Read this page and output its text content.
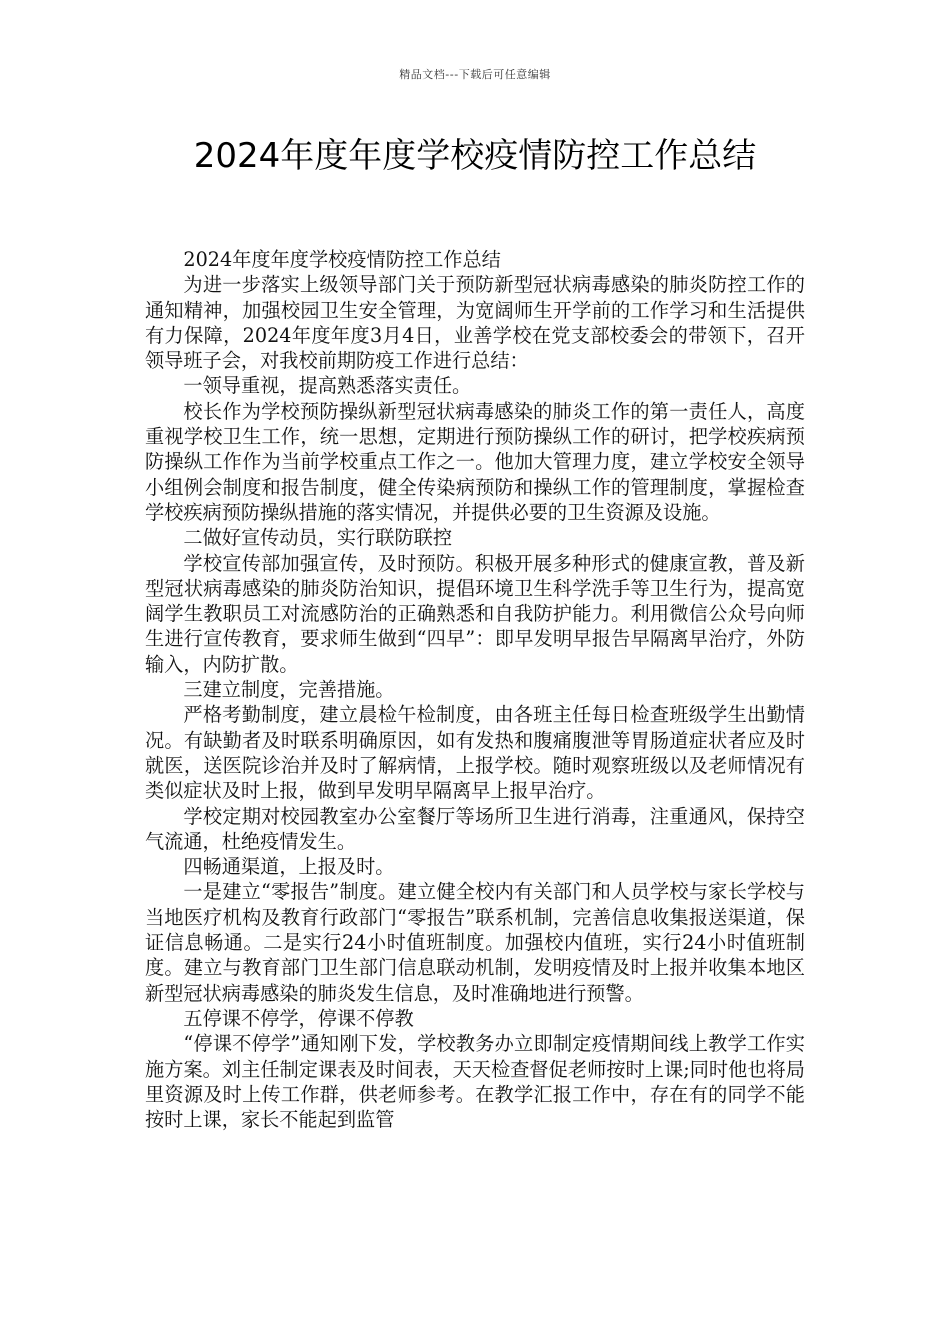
精品文档---下载后可任意编辑
2024年度年度学校疫情防控工作总结

2024年度年度学校疫情防控工作总结

为进一步落实上级领导部门关于预防新型冠状病毒感染的肺炎防控工作的通知精神，加强校园卫生安全管理，为宽阔师生开学前的工作学习和生活提供有力保障，2024年度年度3月4日，业善学校在党支部校委会的带领下，召开领导班子会，对我校前期防疫工作进行总结：

一领导重视，提高熟悉落实责任。

校长作为学校预防操纵新型冠状病毒感染的肺炎工作的第一责任人，高度重视学校卫生工作，统一思想，定期进行预防操纵工作的研讨，把学校疾病预防操纵工作作为当前学校重点工作之一。他加大管理力度，建立学校安全领导小组例会制度和报告制度，健全传染病预防和操纵工作的管理制度，掌握检查学校疾病预防操纵措施的落实情况，并提供必要的卫生资源及设施。

二做好宣传动员，实行联防联控

学校宣传部加强宣传，及时预防。积极开展多种形式的健康宣教，普及新型冠状病毒感染的肺炎防治知识，提倡环境卫生科学洗手等卫生行为，提高宽阔学生教职员工对流感防治的正确熟悉和自我防护能力。利用微信公众号向师生进行宣传教育，要求师生做到“四早”：即早发明早报告早隔离早治疗，外防输入，内防扩散。

三建立制度，完善措施。

严格考勤制度，建立晨检午检制度，由各班主任每日检查班级学生出勤情况。有缺勤者及时联系明确原因，如有发热和腹痛腹泄等胃肠道症状者应及时就医，送医院诊治并及时了解病情，上报学校。随时观察班级以及老师情况有类似症状及时上报，做到早发明早隔离早上报早治疗。

学校定期对校园教室办公室餐厅等场所卫生进行消毒，注重通风，保持空气流通，杜绝疫情发生。

四畅通渠道，上报及时。

一是建立“零报告”制度。建立健全校内有关部门和人员学校与家长学校与当地医疗机构及教育行政部门“零报告”联系机制，完善信息收集报送渠道，保证信息畅通。二是实行24小时值班制度。加强校内值班，实行24小时值班制度。建立与教育部门卫生部门信息联动机制，发明疫情及时上报并收集本地区新型冠状病毒感染的肺炎发生信息，及时准确地进行预警。

五停课不停学，停课不停教

“停课不停学”通知刚下发，学校教务办立即制定疫情期间线上教学工作实施方案。刘主任制定课表及时间表，天天检查督促老师按时上课;同时他也将局里资源及时上传工作群，供老师参考。在教学汇报工作中，存在有的同学不能按时上课，家长不能起到监管
